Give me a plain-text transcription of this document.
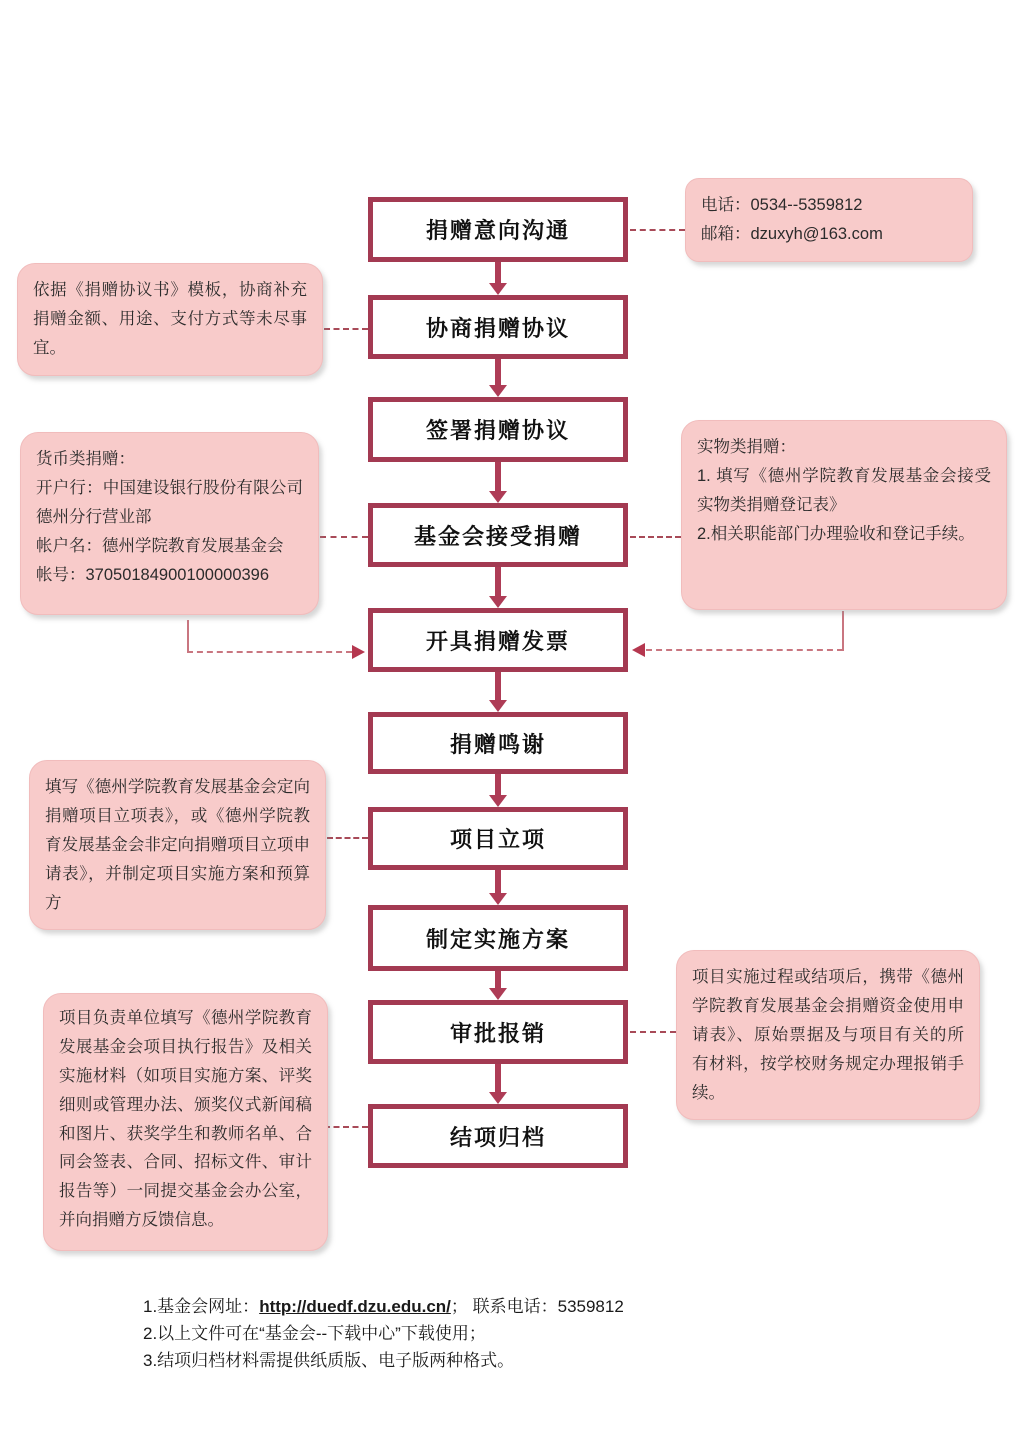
捐赠意向沟通
协商捐赠协议
签署捐赠协议
基金会接受捐赠
开具捐赠发票
捐赠鸣谢
项目立项
制定实施方案
审批报销
结项归档
电话：0534--5359812
邮箱：dzuxyh@163.com
依据《捐赠协议书》模板，协商补充捐赠金额、用途、支付方式等未尽事宜。
货币类捐赠：
开户行：中国建设银行股份有限公司德州分行营业部
帐户名：德州学院教育发展基金会
帐号：37050184900100000396
实物类捐赠：
1. 填写《德州学院教育发展基金会接受实物类捐赠登记表》
2.相关职能部门办理验收和登记手续。
填写《德州学院教育发展基金会定向捐赠项目立项表》，或《德州学院教育发展基金会非定向捐赠项目立项申请表》，并制定项目实施方案和预算方
项目实施过程或结项后，携带《德州学院教育发展基金会捐赠资金使用申请表》、原始票据及与项目有关的所有材料，按学校财务规定办理报销手续。
项目负责单位填写《德州学院教育发展基金会项目执行报告》及相关实施材料（如项目实施方案、评奖细则或管理办法、颁奖仪式新闻稿和图片、获奖学生和教师名单、合同会签表、合同、招标文件、审计报告等）一同提交基金会办公室，并向捐赠方反馈信息。
1.基金会网址：http://duedf.dzu.edu.cn/； 联系电话：5359812
2.以上文件可在“基金会--下载中心”下载使用；
3.结项归档材料需提供纸质版、电子版两种格式。
